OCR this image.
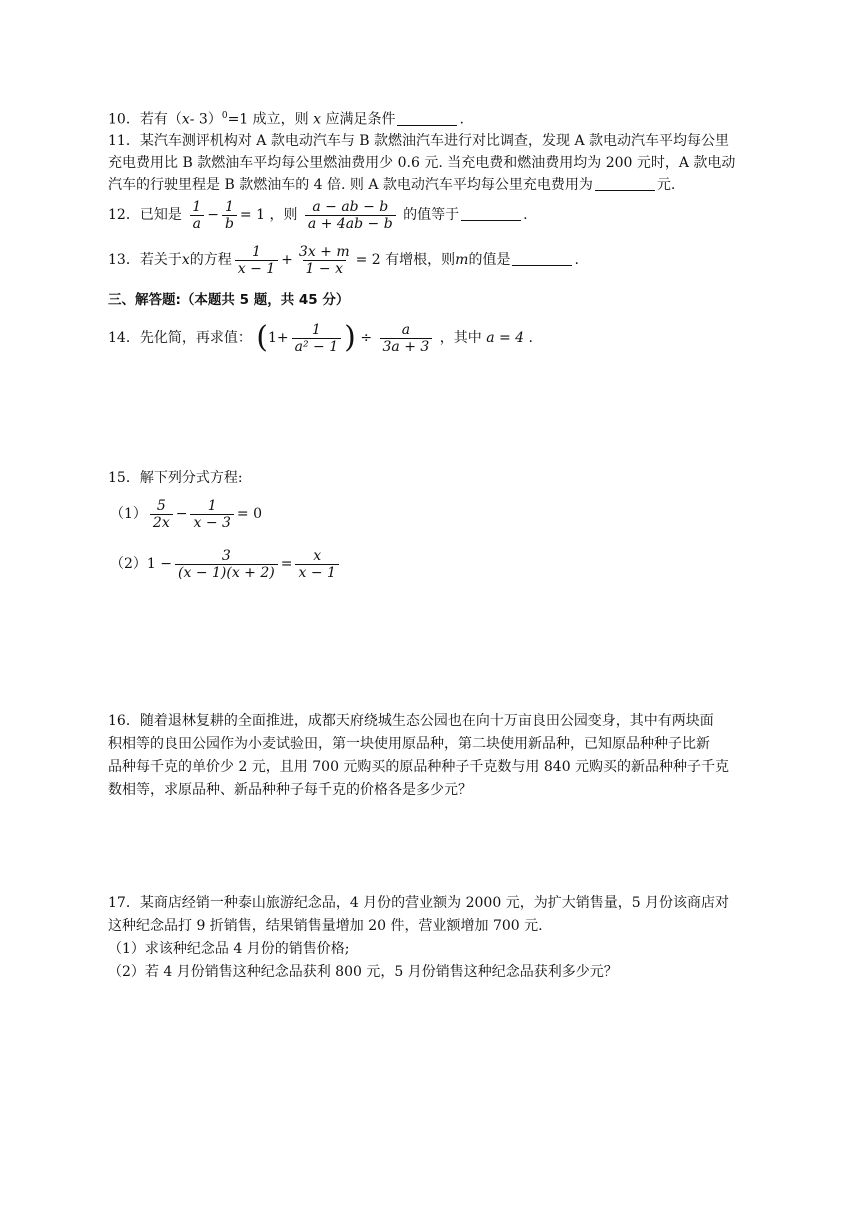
10．若有（x- 3）$^0$=1 成立，则 x 应满足条件	.
11．某汽车测评机构对 A 款电动汽车与 B 款燃油汽车进行对比调查，发现 A 款电动汽车平均每公里
充电费用比 B 款燃油车平均每公里燃油费用少 0.6 元. 当充电费和燃油费用均为 200 元时，A 款电动
汽车的行驶里程是 B 款燃油车的 4 倍. 则 A 款电动汽车平均每公里充电费用为	元.
12．已知是 $\frac{1}{a} - \frac{1}{b} = 1$ ，则 $\frac{a - ab - b}{a + 4ab - b}$ 的值等于	.
13．若关于x的方程 $\frac{1}{x - 1} + \frac{3x + m}{1 - x} = 2$ 有增根，则m的值是	.
三、解答题:（本题共 5 题，共 45 分）
14．先化简，再求值： ($1+ \frac{1}{\text{a² − 1}}$ ) ÷ $\frac{a}{3a + 3}$ ，其中 a = 4 .
15．解下列分式方程:
$(1) \frac{5}{2x} - \frac{1}{x - 3} = 0$
$(2)1 - \frac{3}{(x - 1)(x + 2)} = \frac{x}{x - 1}$
16．随着退林复耕的全面推进，成都天府绕城生态公园也在向十万亩良田公园变身，其中有两块面
积相等的良田公园作为小麦试验田，第一块使用原品种，第二块使用新品种，已知原品种种子比新
品种每千克的单价少 2 元，且用 700 元购买的原品种种子千克数与用 840 元购买的新品种种子千克
数相等，求原品种、新品种种子每千克的价格各是多少元？
17．某商店经销一种泰山旅游纪念品，4 月份的营业额为 2000 元，为扩大销售量，5 月份该商店对
这种纪念品打 9 折销售，结果销售量增加 20 件，营业额增加 700 元.
（1）求该种纪念品 4 月份的销售价格;
（2）若 4 月份销售这种纪念品获利 800 元，5 月份销售这种纪念品获利多少元？
